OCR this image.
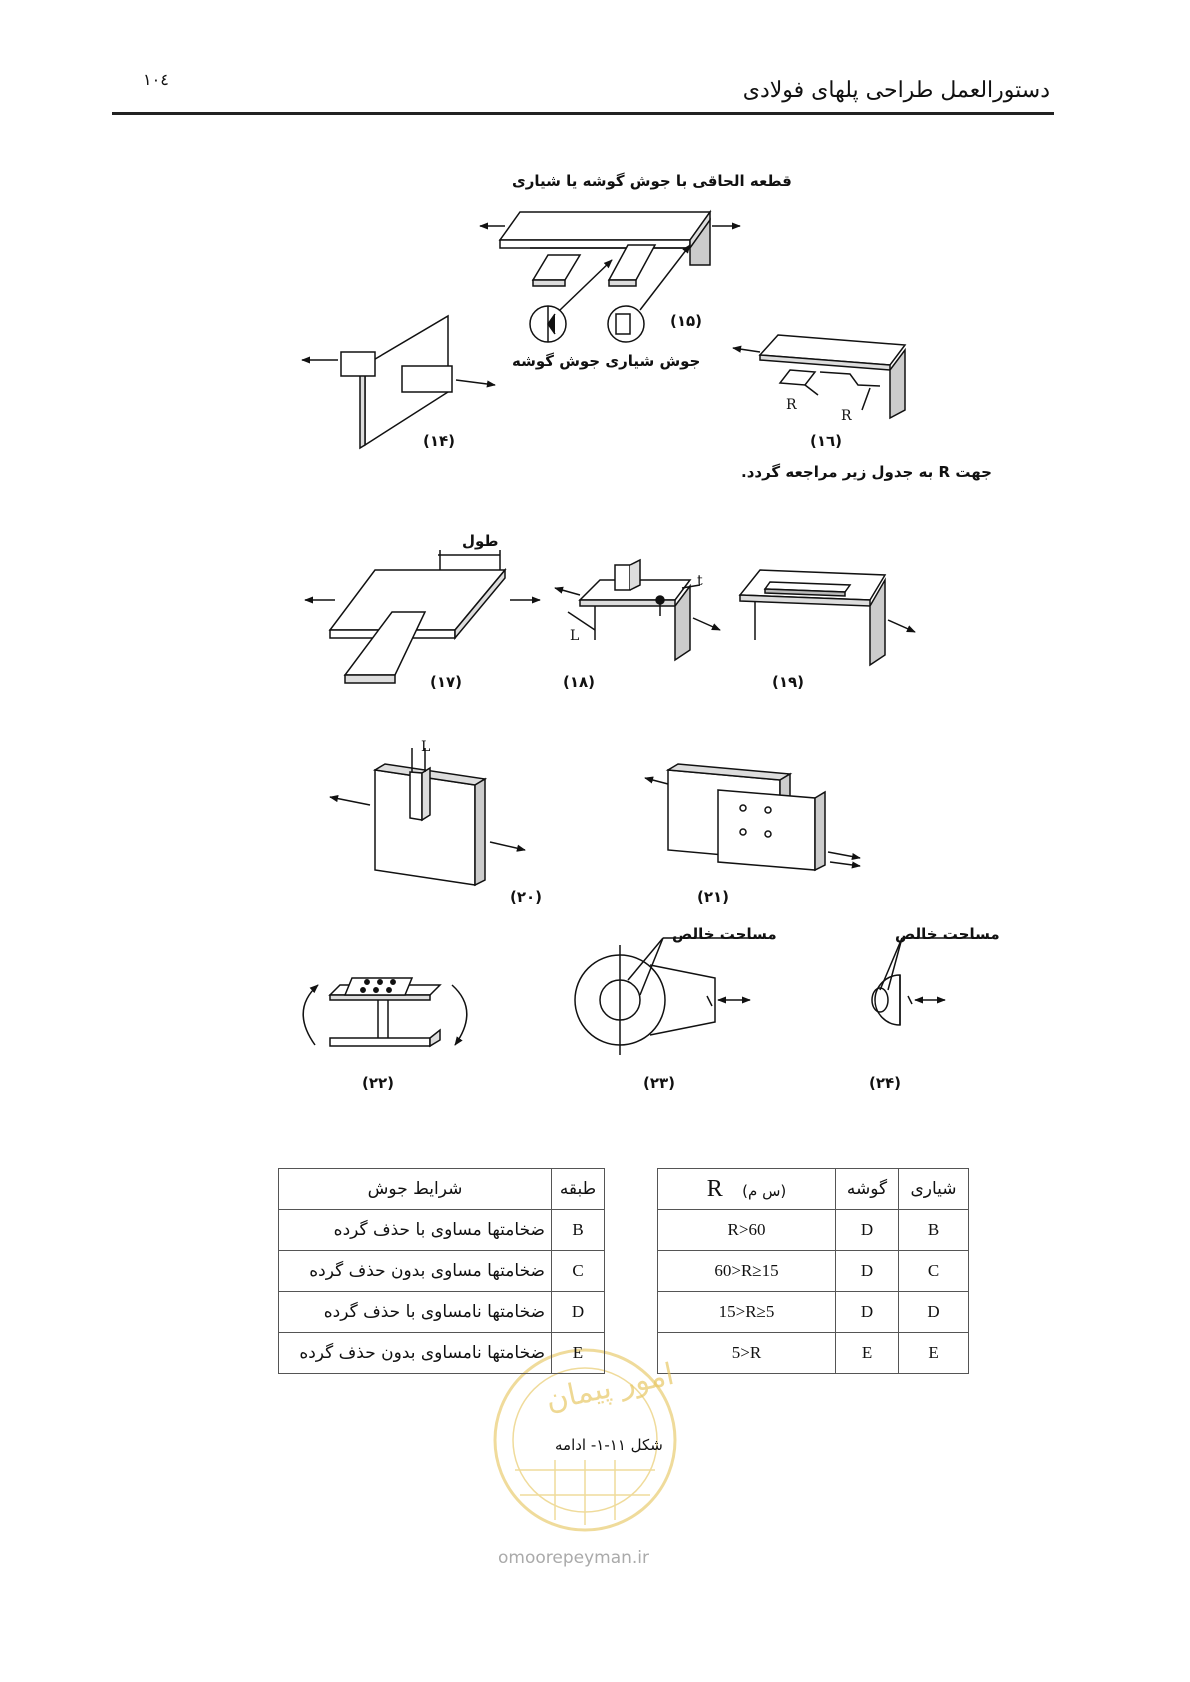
دستورالعمل طراحی پلهای فولادی
۱۰٤
قطعه الحاقی با جوش گوشه یا شیاری
جوش شیاری جوش گوشه
جهت R به جدول زیر مراجعه گردد.
طول
R
R
L
t
L
مساحت خالص	مساحت خالص
(۱۴)
(۱۵)
(۱٦)
(۱۷)	(۱۸)	(۱۹)
(۲۰)	(۲۱)
(۲۲)	(۲۳)	(۲۴)
شرایط جوش	طبقه
ضخامتها مساوی با حذف گرده	B
ضخامتها مساوی بدون حذف گرده	C
ضخامتها نامساوی با حذف گرده	D
ضخامتها نامساوی بدون حذف گرده	E
R (س م)	گوشه	شیاری
R>60	D	B
60>R≥15	D	C
15>R≥5	D	D
5>R	E	E
شکل ۱۱-۱- ادامه
امور پیمان
omoorepeyman.ir
